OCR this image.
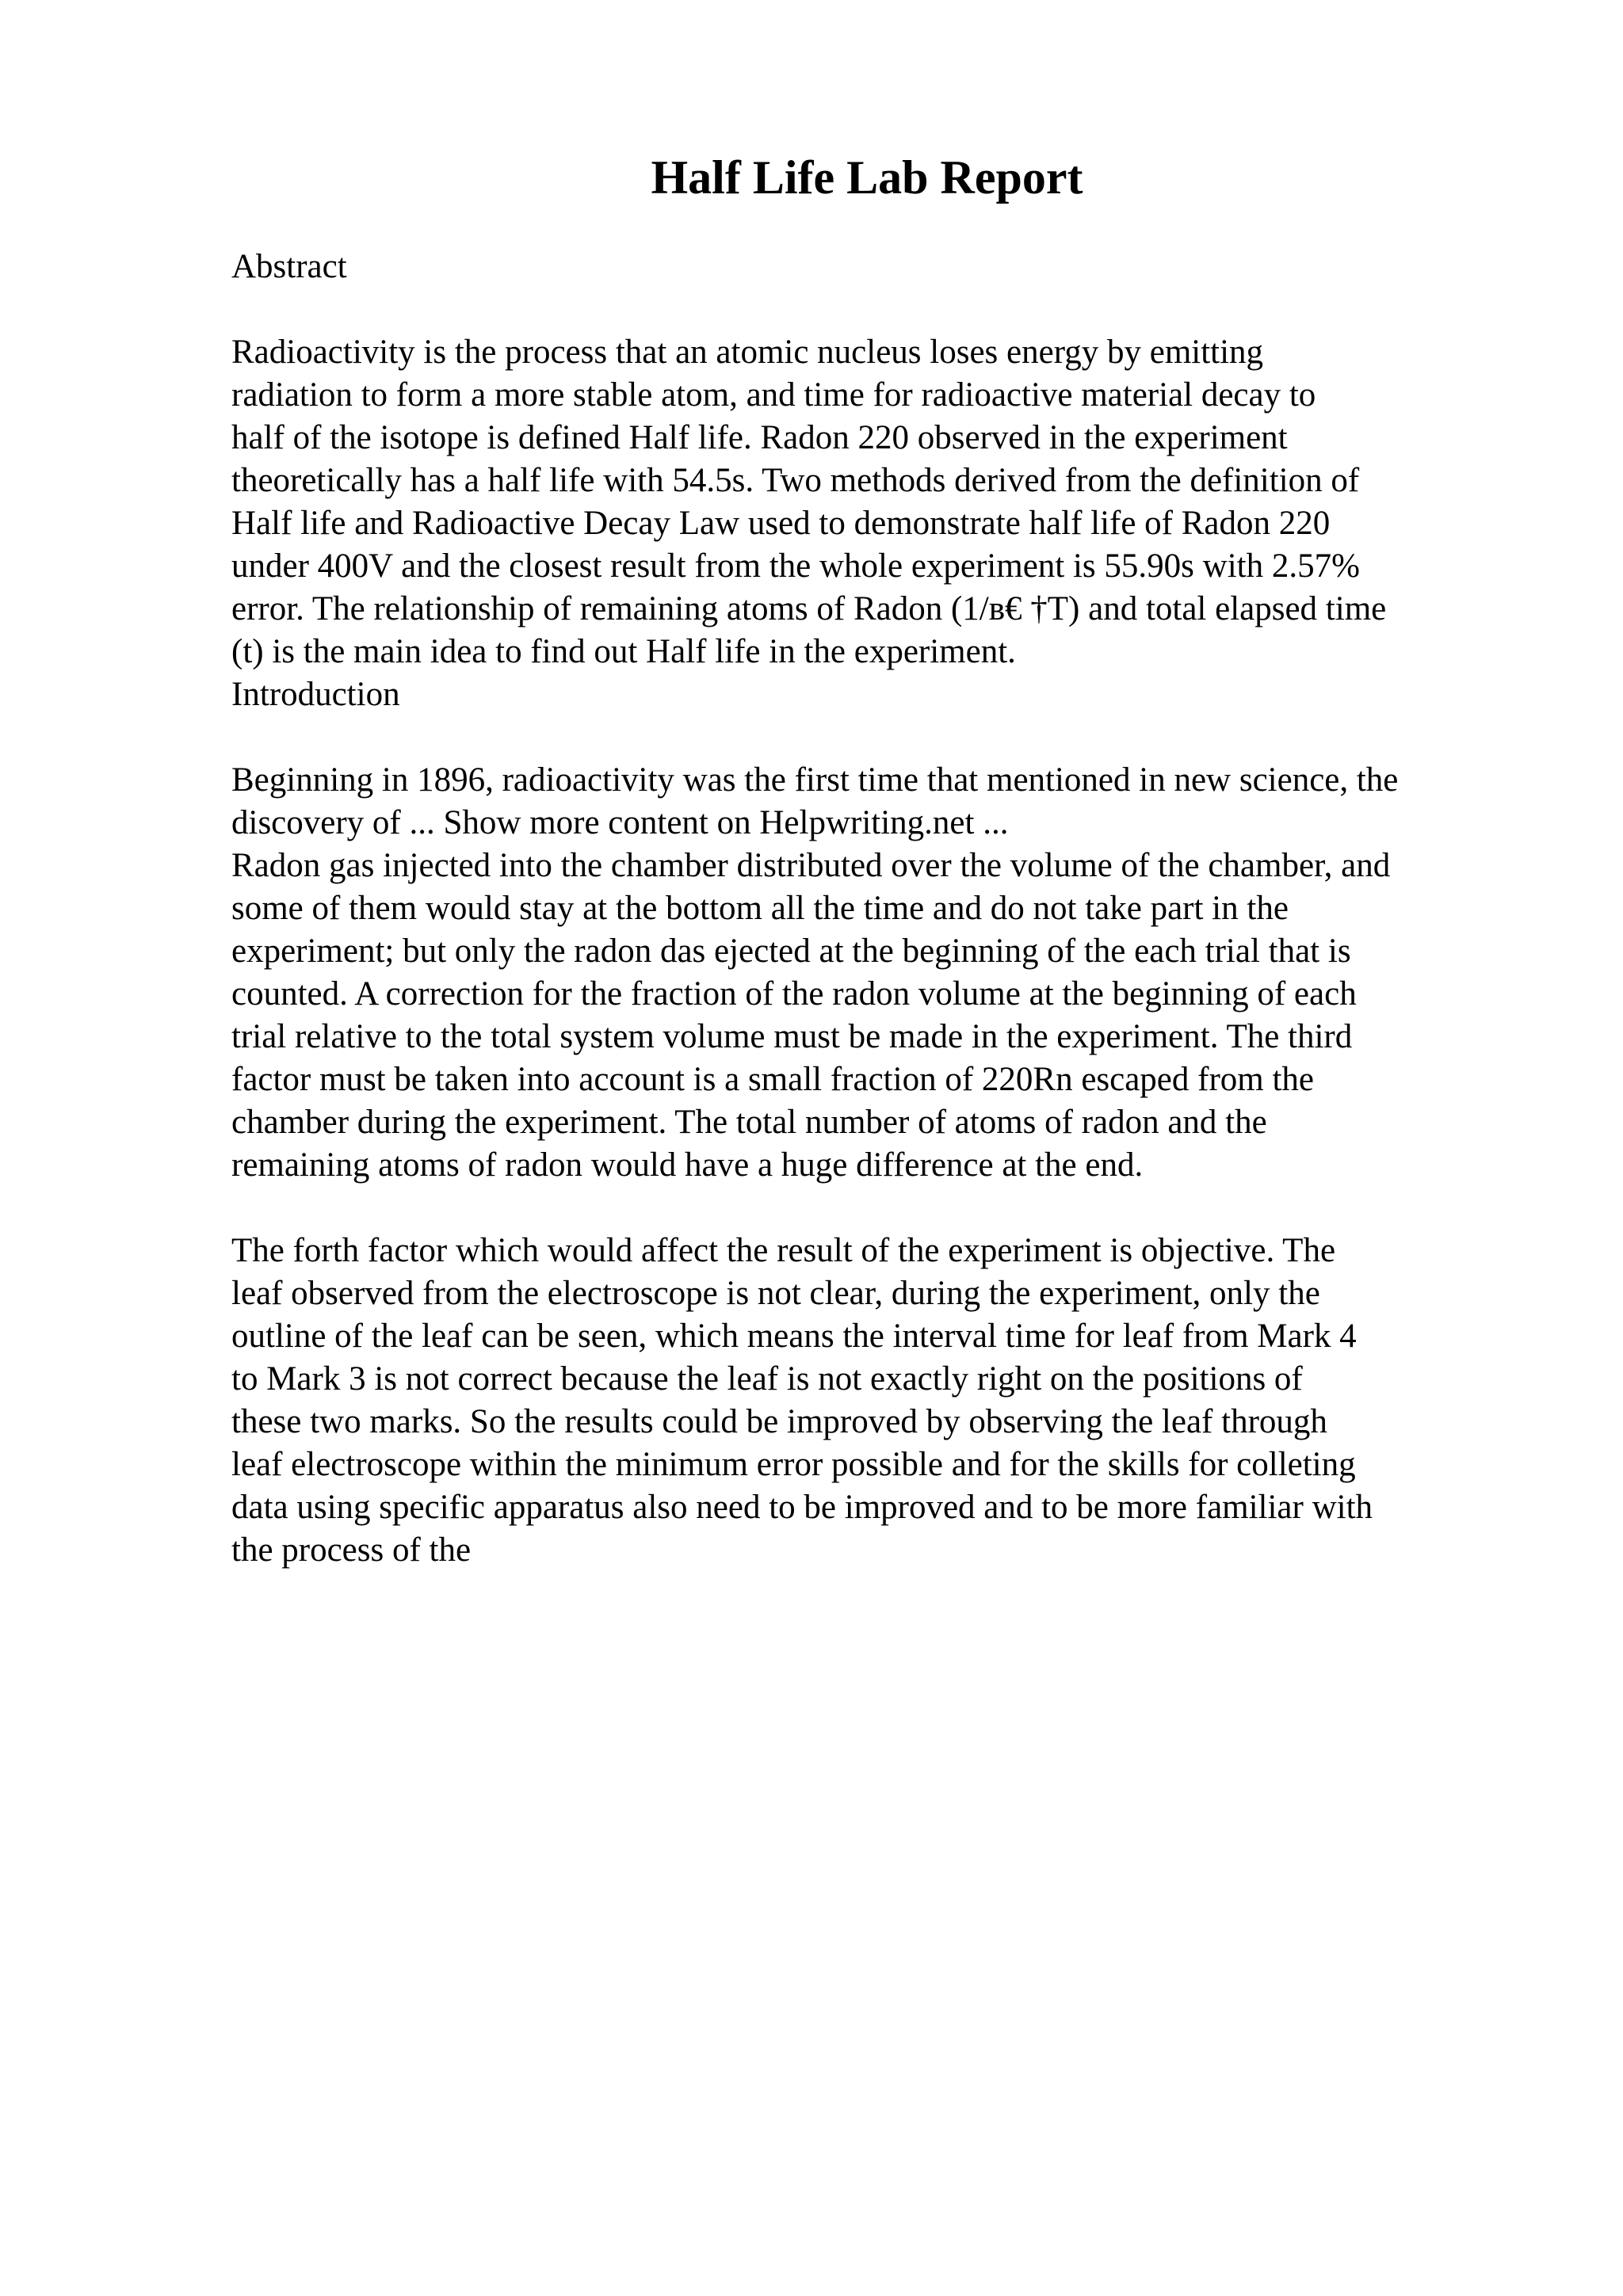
Half Life Lab Report
Abstract
Radioactivity is the process that an atomic nucleus loses energy by emitting
radiation to form a more stable atom, and time for radioactive material decay to
half of the isotope is defined Half life. Radon 220 observed in the experiment
theoretically has a half life with 54.5s. Two methods derived from the definition of
Half life and Radioactive Decay Law used to demonstrate half life of Radon 220
under 400V and the closest result from the whole experiment is 55.90s with 2.57%
error. The relationship of remaining atoms of Radon (1/в€ †T) and total elapsed time
(t) is the main idea to find out Half life in the experiment.
Introduction
Beginning in 1896, radioactivity was the first time that mentioned in new science, the
discovery of ... Show more content on Helpwriting.net ...
Radon gas injected into the chamber distributed over the volume of the chamber, and
some of them would stay at the bottom all the time and do not take part in the
experiment; but only the radon das ejected at the beginning of the each trial that is
counted. A correction for the fraction of the radon volume at the beginning of each
trial relative to the total system volume must be made in the experiment. The third
factor must be taken into account is a small fraction of 220Rn escaped from the
chamber during the experiment. The total number of atoms of radon and the
remaining atoms of radon would have a huge difference at the end.
The forth factor which would affect the result of the experiment is objective. The
leaf observed from the electroscope is not clear, during the experiment, only the
outline of the leaf can be seen, which means the interval time for leaf from Mark 4
to Mark 3 is not correct because the leaf is not exactly right on the positions of
these two marks. So the results could be improved by observing the leaf through
leaf electroscope within the minimum error possible and for the skills for colleting
data using specific apparatus also need to be improved and to be more familiar with
the process of the
